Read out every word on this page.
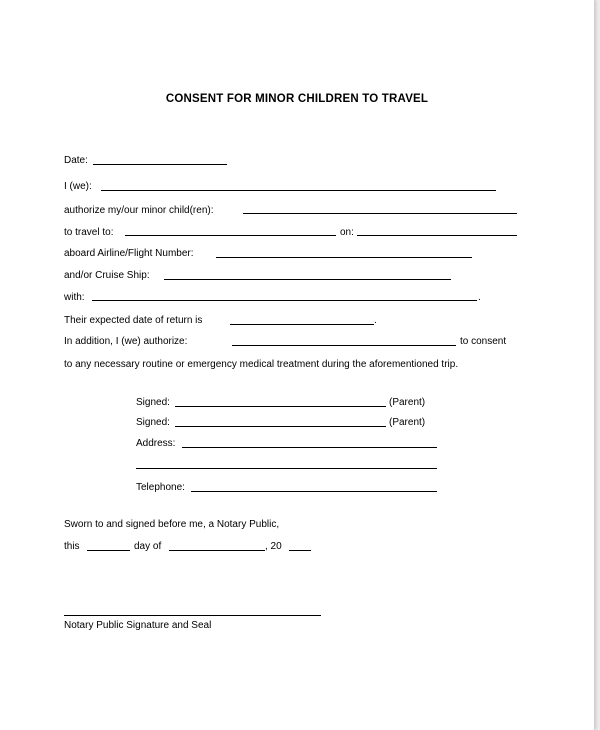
CONSENT FOR MINOR CHILDREN TO TRAVEL
Date:
I (we):
authorize my/our minor child(ren):
to travel to:	on:
aboard Airline/Flight Number:
and/or Cruise Ship:
with:	.
Their expected date of return is	.
In addition, I (we) authorize:	to consent
to any necessary routine or emergency medical treatment during the aforementioned trip.
Signed:	(Parent)
Signed:	(Parent)
Address:
Telephone:
Sworn to and signed before me, a Notary Public,
this	day of	, 20
Notary Public Signature and Seal
